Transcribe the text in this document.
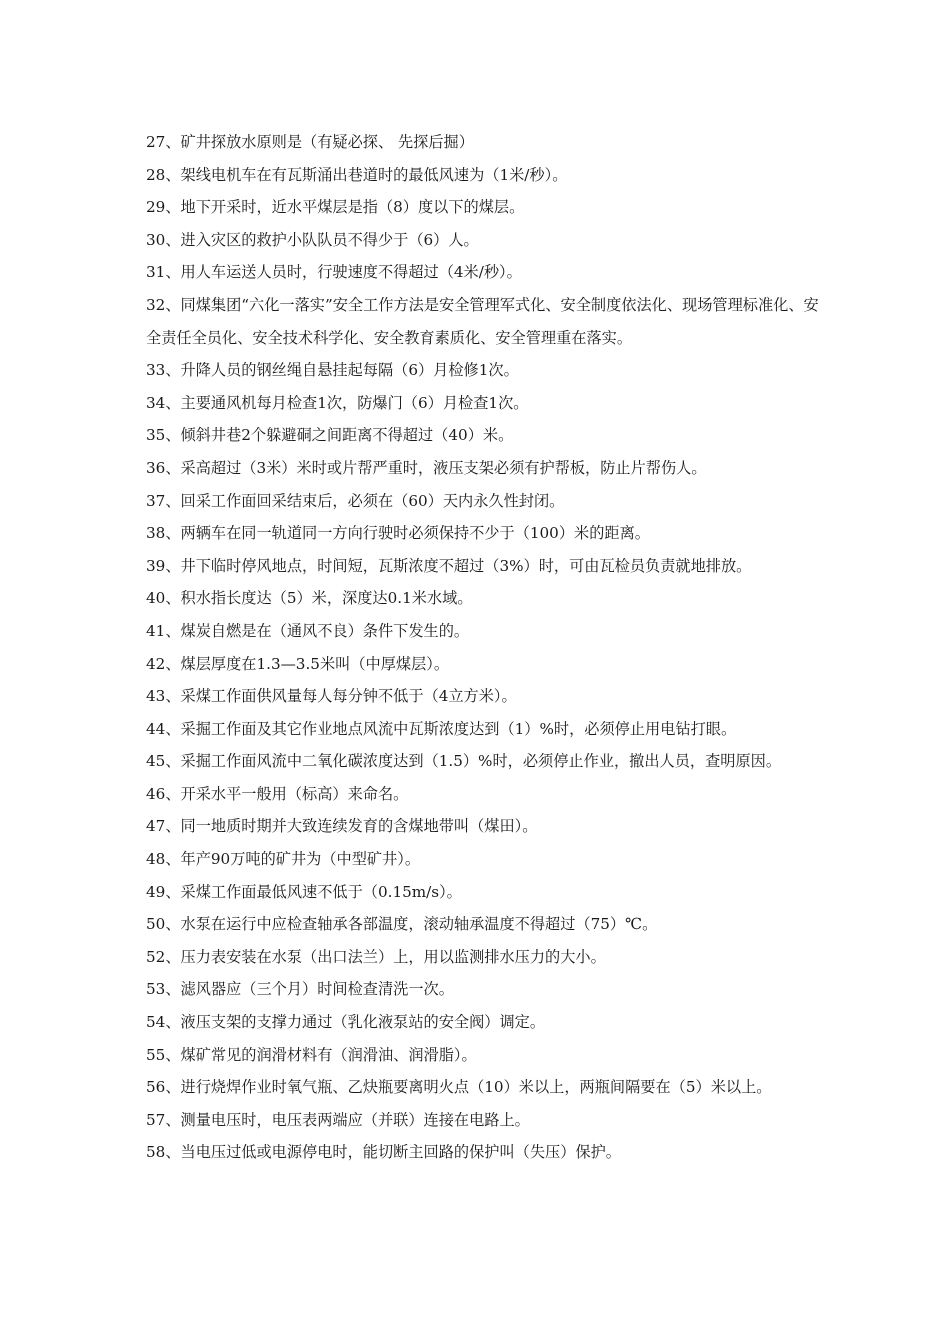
27、矿井探放水原则是（有疑必探、 先探后掘）

28、架线电机车在有瓦斯涌出巷道时的最低风速为（1米/秒）。

29、地下开采时，近水平煤层是指（8）度以下的煤层。

30、进入灾区的救护小队队员不得少于（6）人。

31、用人车运送人员时，行驶速度不得超过（4米/秒）。

32、同煤集团“六化一落实”安全工作方法是安全管理军式化、安全制度依法化、现场管理标准化、安全责任全员化、安全技术科学化、安全教育素质化、安全管理重在落实。

33、升降人员的钢丝绳自悬挂起每隔（6）月检修1次。

34、主要通风机每月检查1次，防爆门（6）月检查1次。

35、倾斜井巷2个躲避硐之间距离不得超过（40）米。

36、采高超过（3米）米时或片帮严重时，液压支架必须有护帮板，防止片帮伤人。

37、回采工作面回采结束后，必须在（60）天内永久性封闭。

38、两辆车在同一轨道同一方向行驶时必须保持不少于（100）米的距离。

39、井下临时停风地点，时间短，瓦斯浓度不超过（3%）时，可由瓦检员负责就地排放。

40、积水指长度达（5）米，深度达0.1米水域。

41、煤炭自燃是在（通风不良）条件下发生的。

42、煤层厚度在1.3—3.5米叫（中厚煤层）。

43、采煤工作面供风量每人每分钟不低于（4立方米）。

44、采掘工作面及其它作业地点风流中瓦斯浓度达到（1）%时，必须停止用电钻打眼。

45、采掘工作面风流中二氧化碳浓度达到（1.5）%时，必须停止作业，撤出人员，查明原因。

46、开采水平一般用（标高）来命名。

47、同一地质时期并大致连续发育的含煤地带叫（煤田）。

48、年产90万吨的矿井为（中型矿井）。

49、采煤工作面最低风速不低于（0.15m/s）。

50、水泵在运行中应检查轴承各部温度，滚动轴承温度不得超过（75）℃。

52、压力表安装在水泵（出口法兰）上，用以监测排水压力的大小。

53、滤风器应（三个月）时间检查清洗一次。

54、液压支架的支撑力通过（乳化液泵站的安全阀）调定。

55、煤矿常见的润滑材料有（润滑油、润滑脂）。

56、进行烧焊作业时氧气瓶、乙炔瓶要离明火点（10）米以上，两瓶间隔要在（5）米以上。

57、测量电压时，电压表两端应（并联）连接在电路上。

58、当电压过低或电源停电时，能切断主回路的保护叫（失压）保护。
